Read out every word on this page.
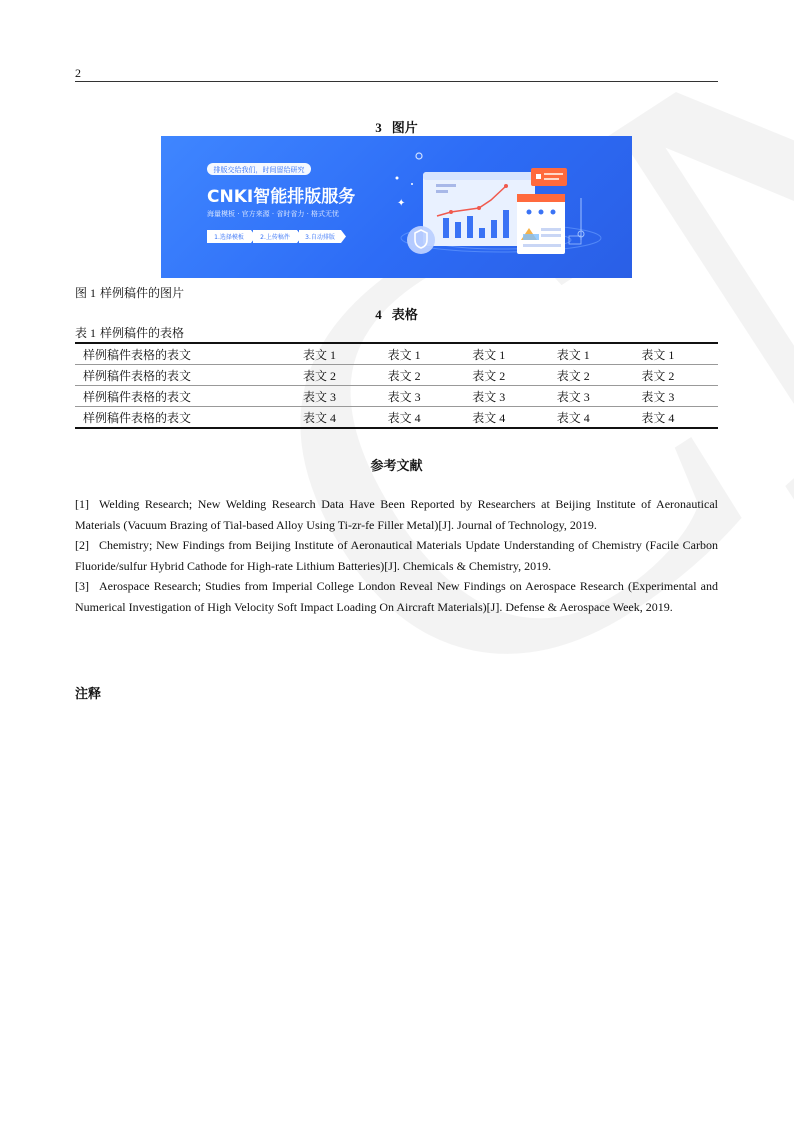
2
3 图片
✦
排版交给我们，时间留给研究
CNKI智能排版服务
海量模板 · 官方来源 · 省时省力 · 格式无忧
1.选择模板	2.上传稿件	3.自动排版
图 1 样例稿件的图片
4 表格
表 1 样例稿件的表格
样例稿件表格的表文	表文 1	表文 1	表文 1	表文 1	表文 1
样例稿件表格的表文	表文 2	表文 2	表文 2	表文 2	表文 2
样例稿件表格的表文	表文 3	表文 3	表文 3	表文 3	表文 3
样例稿件表格的表文	表文 4	表文 4	表文 4	表文 4	表文 4
参考文献

[1] Welding Research; New Welding Research Data Have Been Reported by Researchers at Beijing Institute of Aeronautical Materials (Vacuum Brazing of Tial-based Alloy Using Ti-zr-fe Filler Metal)[J]. Journal of Technology, 2019.

[2] Chemistry; New Findings from Beijing Institute of Aeronautical Materials Update Understanding of Chemistry (Facile Carbon Fluoride/sulfur Hybrid Cathode for High-rate Lithium Batteries)[J]. Chemicals & Chemistry, 2019.

[3] Aerospace Research; Studies from Imperial College London Reveal New Findings on Aerospace Research (Experimental and Numerical Investigation of High Velocity Soft Impact Loading On Aircraft Materials)[J]. Defense & Aerospace Week, 2019.

注释
